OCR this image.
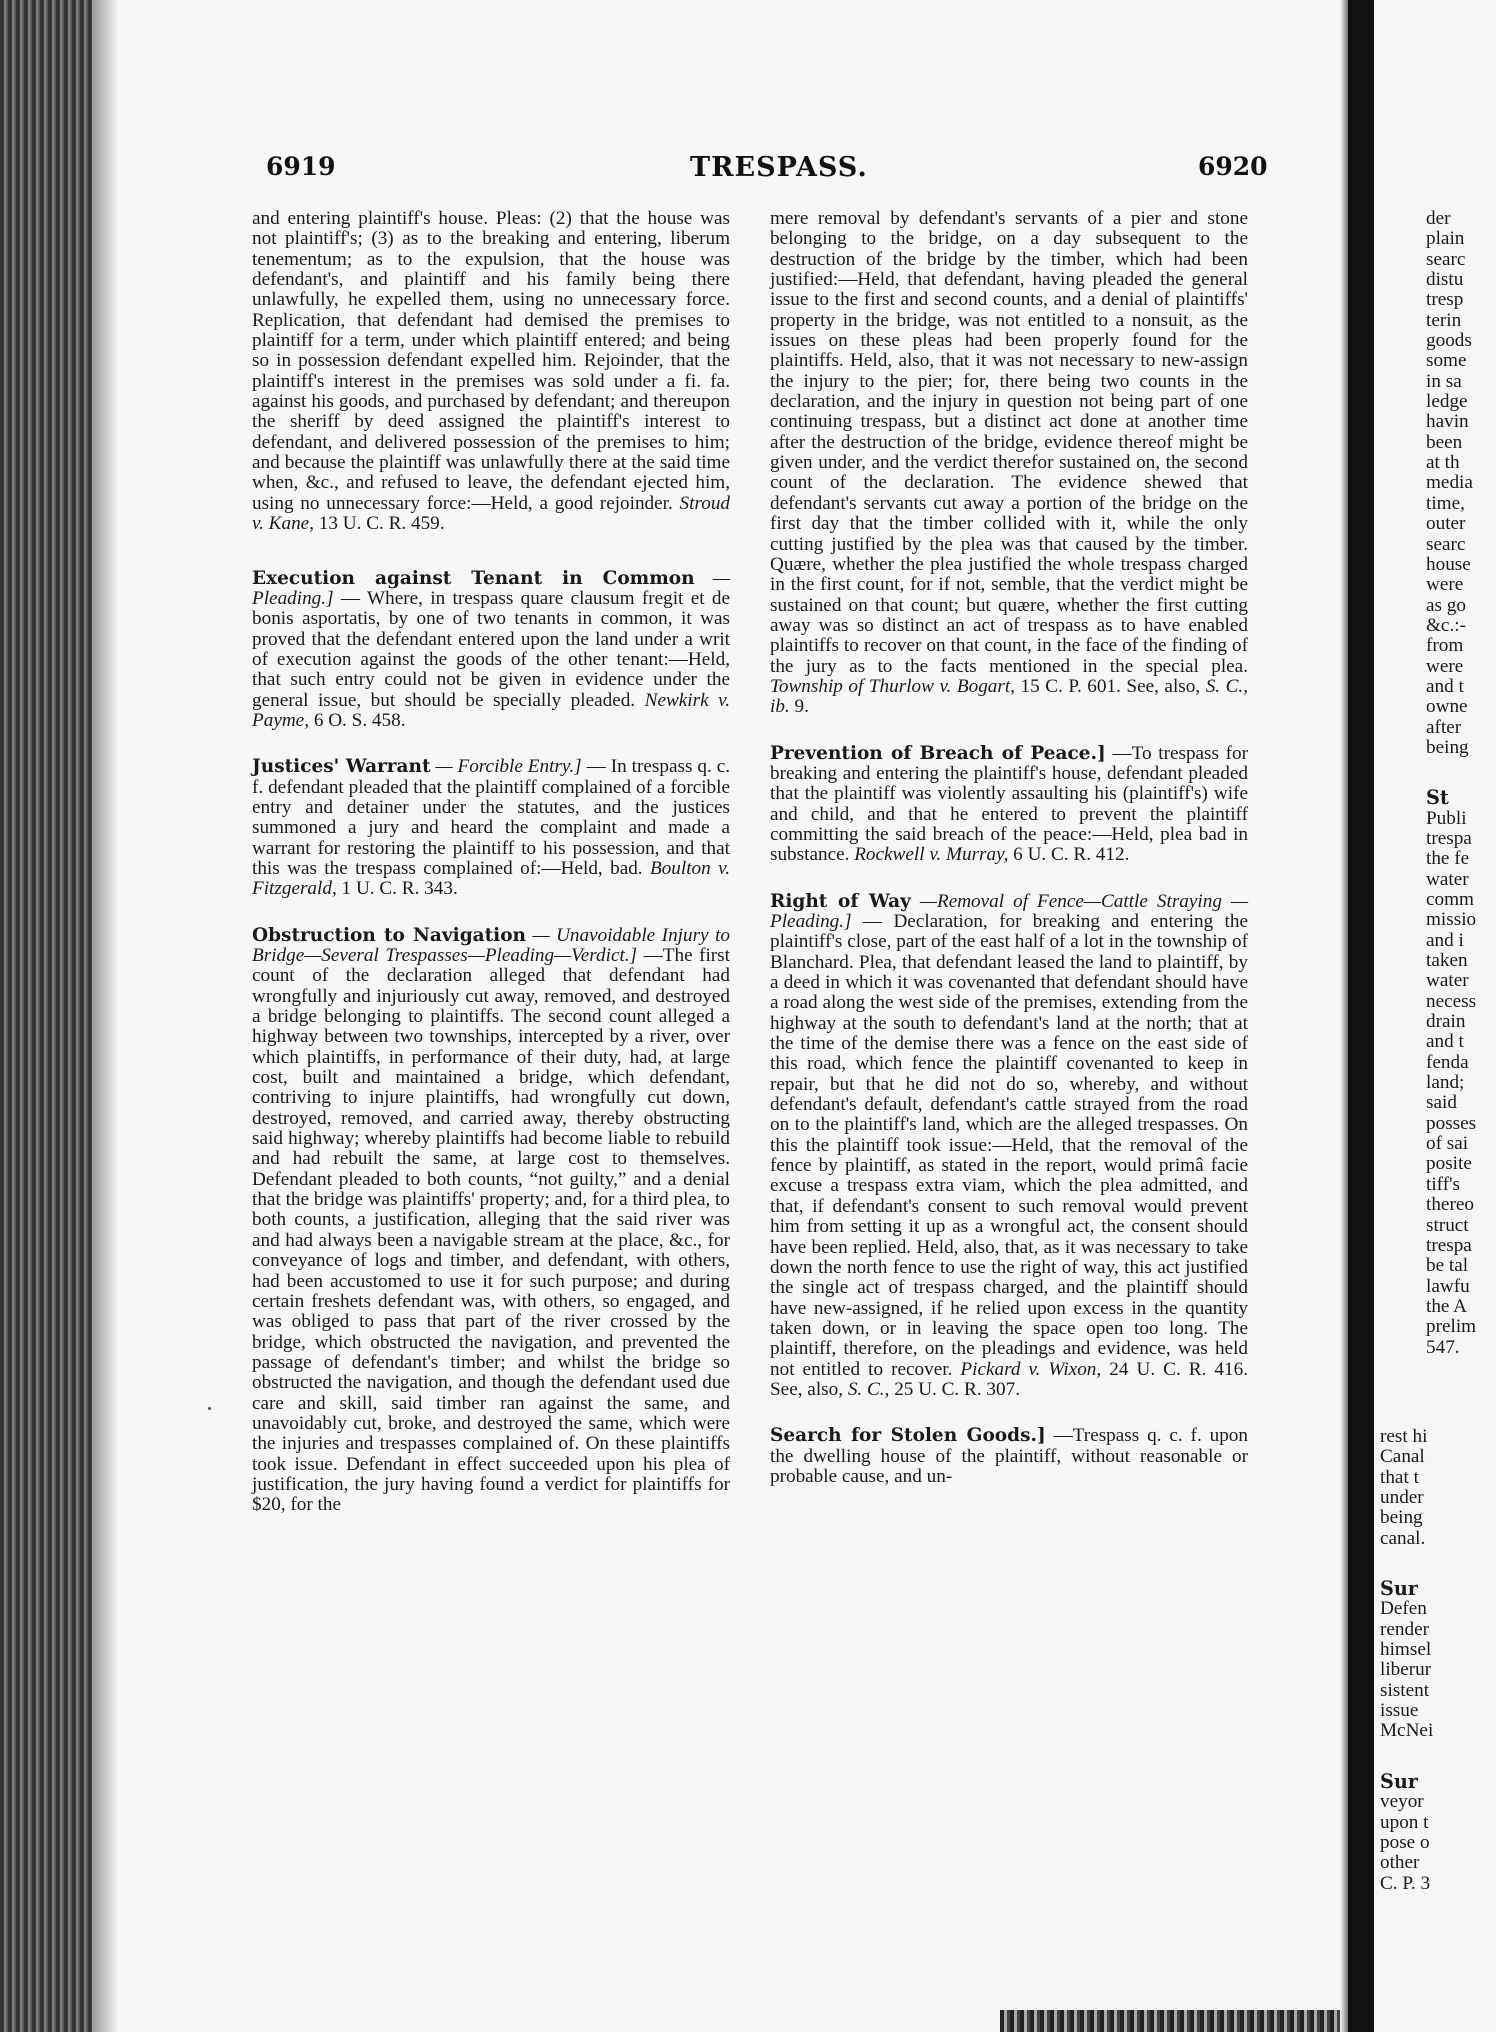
6919	TRESPASS.	6920

and entering plaintiff's house. Pleas: (2) that the house was not plaintiff's; (3) as to the breaking and entering, liberum tenementum; as to the expulsion, that the house was defendant's, and plaintiff and his family being there unlawfully, he expelled them, using no unnecessary force. Replication, that defendant had demised the premises to plaintiff for a term, under which plaintiff entered; and being so in possession defendant expelled him. Rejoinder, that the plaintiff's interest in the premises was sold under a fi. fa. against his goods, and purchased by defendant; and thereupon the sheriff by deed assigned the plaintiff's interest to defendant, and delivered possession of the premises to him; and because the plaintiff was unlawfully there at the said time when, &c., and refused to leave, the defendant ejected him, using no unnecessary force:—Held, a good rejoinder. Stroud v. Kane, 13 U. C. R. 459.

Execution against Tenant in Common —Pleading.] — Where, in trespass quare clausum fregit et de bonis asportatis, by one of two tenants in common, it was proved that the defendant entered upon the land under a writ of execution against the goods of the other tenant:—Held, that such entry could not be given in evidence under the general issue, but should be specially pleaded. Newkirk v. Payme, 6 O. S. 458.

Justices' Warrant — Forcible Entry.] — In trespass q. c. f. defendant pleaded that the plaintiff complained of a forcible entry and detainer under the statutes, and the justices summoned a jury and heard the complaint and made a warrant for restoring the plaintiff to his possession, and that this was the trespass complained of:—Held, bad. Boulton v. Fitzgerald, 1 U. C. R. 343.

Obstruction to Navigation — Unavoidable Injury to Bridge—Several Trespasses—Pleading—Verdict.] —The first count of the declaration alleged that defendant had wrongfully and injuriously cut away, removed, and destroyed a bridge belonging to plaintiffs. The second count alleged a highway between two townships, intercepted by a river, over which plaintiffs, in performance of their duty, had, at large cost, built and maintained a bridge, which defendant, contriving to injure plaintiffs, had wrongfully cut down, destroyed, removed, and carried away, thereby obstructing said highway; whereby plaintiffs had become liable to rebuild and had rebuilt the same, at large cost to themselves. Defendant pleaded to both counts, “not guilty,” and a denial that the bridge was plaintiffs' property; and, for a third plea, to both counts, a justification, alleging that the said river was and had always been a navigable stream at the place, &c., for conveyance of logs and timber, and defendant, with others, had been accustomed to use it for such purpose; and during certain freshets defendant was, with others, so engaged, and was obliged to pass that part of the river crossed by the bridge, which obstructed the navigation, and prevented the passage of defendant's timber; and whilst the bridge so obstructed the navigation, and though the defendant used due care and skill, said timber ran against the same, and unavoidably cut, broke, and destroyed the same, which were the injuries and trespasses complained of. On these plaintiffs took issue. Defendant in effect succeeded upon his plea of justification, the jury having found a verdict for plaintiffs for $20, for the

mere removal by defendant's servants of a pier and stone belonging to the bridge, on a day subsequent to the destruction of the bridge by the timber, which had been justified:—Held, that defendant, having pleaded the general issue to the first and second counts, and a denial of plaintiffs' property in the bridge, was not entitled to a nonsuit, as the issues on these pleas had been properly found for the plaintiffs. Held, also, that it was not necessary to new-assign the injury to the pier; for, there being two counts in the declaration, and the injury in question not being part of one continuing trespass, but a distinct act done at another time after the destruction of the bridge, evidence thereof might be given under, and the verdict therefor sustained on, the second count of the declaration. The evidence shewed that defendant's servants cut away a portion of the bridge on the first day that the timber collided with it, while the only cutting justified by the plea was that caused by the timber. Quære, whether the plea justified the whole trespass charged in the first count, for if not, semble, that the verdict might be sustained on that count; but quære, whether the first cutting away was so distinct an act of trespass as to have enabled plaintiffs to recover on that count, in the face of the finding of the jury as to the facts mentioned in the special plea. Township of Thurlow v. Bogart, 15 C. P. 601. See, also, S. C., ib. 9.

Prevention of Breach of Peace.] —To trespass for breaking and entering the plaintiff's house, defendant pleaded that the plaintiff was violently assaulting his (plaintiff's) wife and child, and that he entered to prevent the plaintiff committing the said breach of the peace:—Held, plea bad in substance. Rockwell v. Murray, 6 U. C. R. 412.

Right of Way —Removal of Fence—Cattle Straying — Pleading.] — Declaration, for breaking and entering the plaintiff's close, part of the east half of a lot in the township of Blanchard. Plea, that defendant leased the land to plaintiff, by a deed in which it was covenanted that defendant should have a road along the west side of the premises, extending from the highway at the south to defendant's land at the north; that at the time of the demise there was a fence on the east side of this road, which fence the plaintiff covenanted to keep in repair, but that he did not do so, whereby, and without defendant's default, defendant's cattle strayed from the road on to the plaintiff's land, which are the alleged trespasses. On this the plaintiff took issue:—Held, that the removal of the fence by plaintiff, as stated in the report, would primâ facie excuse a trespass extra viam, which the plea admitted, and that, if defendant's consent to such removal would prevent him from setting it up as a wrongful act, the consent should have been replied. Held, also, that, as it was necessary to take down the north fence to use the right of way, this act justified the single act of trespass charged, and the plaintiff should have new-assigned, if he relied upon excess in the quantity taken down, or in leaving the space open too long. The plaintiff, therefore, on the pleadings and evidence, was held not entitled to recover. Pickard v. Wixon, 24 U. C. R. 416. See, also, S. C., 25 U. C. R. 307.

Search for Stolen Goods.] —Trespass q. c. f. upon the dwelling house of the plaintiff, without reasonable or probable cause, and un-

der
plain
searc
distu
tresp
terin
goods
some
in sa
ledge
havin
been
at th
media
time,
outer
searc
house
were
as go
&c.:-
from
were
and t
owne
after
being
St
Publi
trespa
the fe
water
comm
missio
and i
taken
water
necess
drain
and t
fenda
land;
said
posses
of sai
posite
tiff's
thereo
struct
trespa
be tal
lawfu
the A
prelim
547.
rest hi
Canal
that t
under
being
canal.
Sur
Defen
render
himsel
liberur
sistent
issue
McNei
Sur
veyor
upon t
pose o
other
C. P. 3
